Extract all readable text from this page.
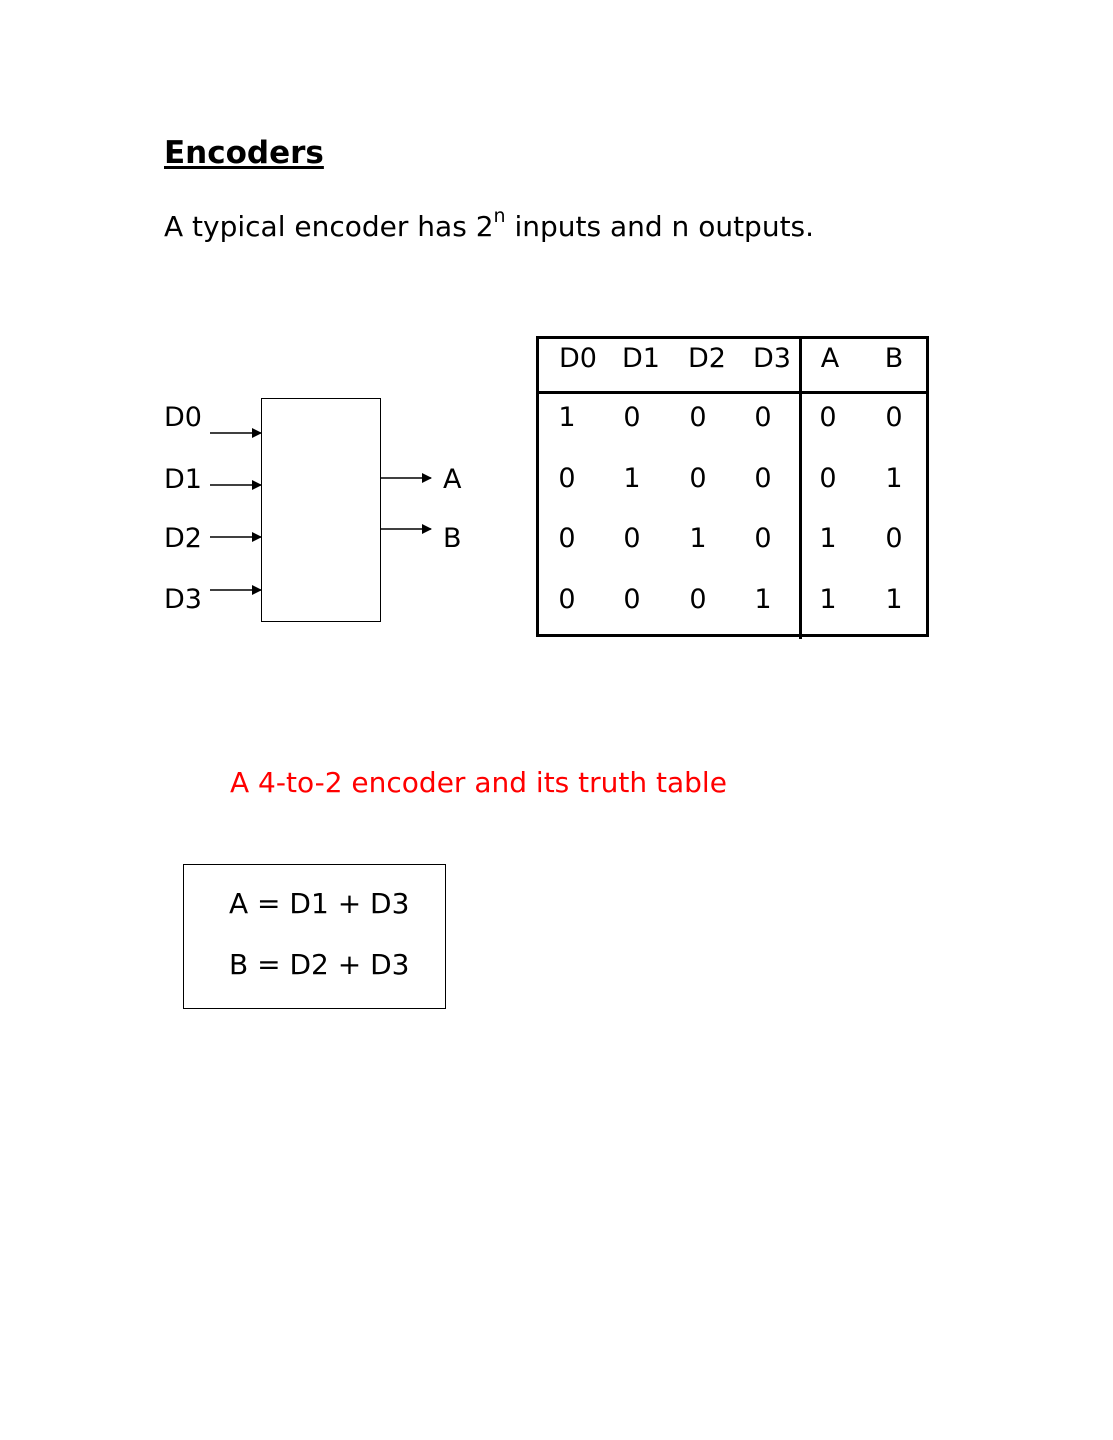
Encoders
A typical encoder has 2$^n$ inputs and n outputs.
D0
D1
D2
D3
A
B
D0 D1 D2 D3	A	B
1	0	0	0	0	0
0	1	0	0	0	1
0	0	1	0	1	0
0	0	0	1	1	1
A 4-to-2 encoder and its truth table
A = D1 + D3
B = D2 + D3
